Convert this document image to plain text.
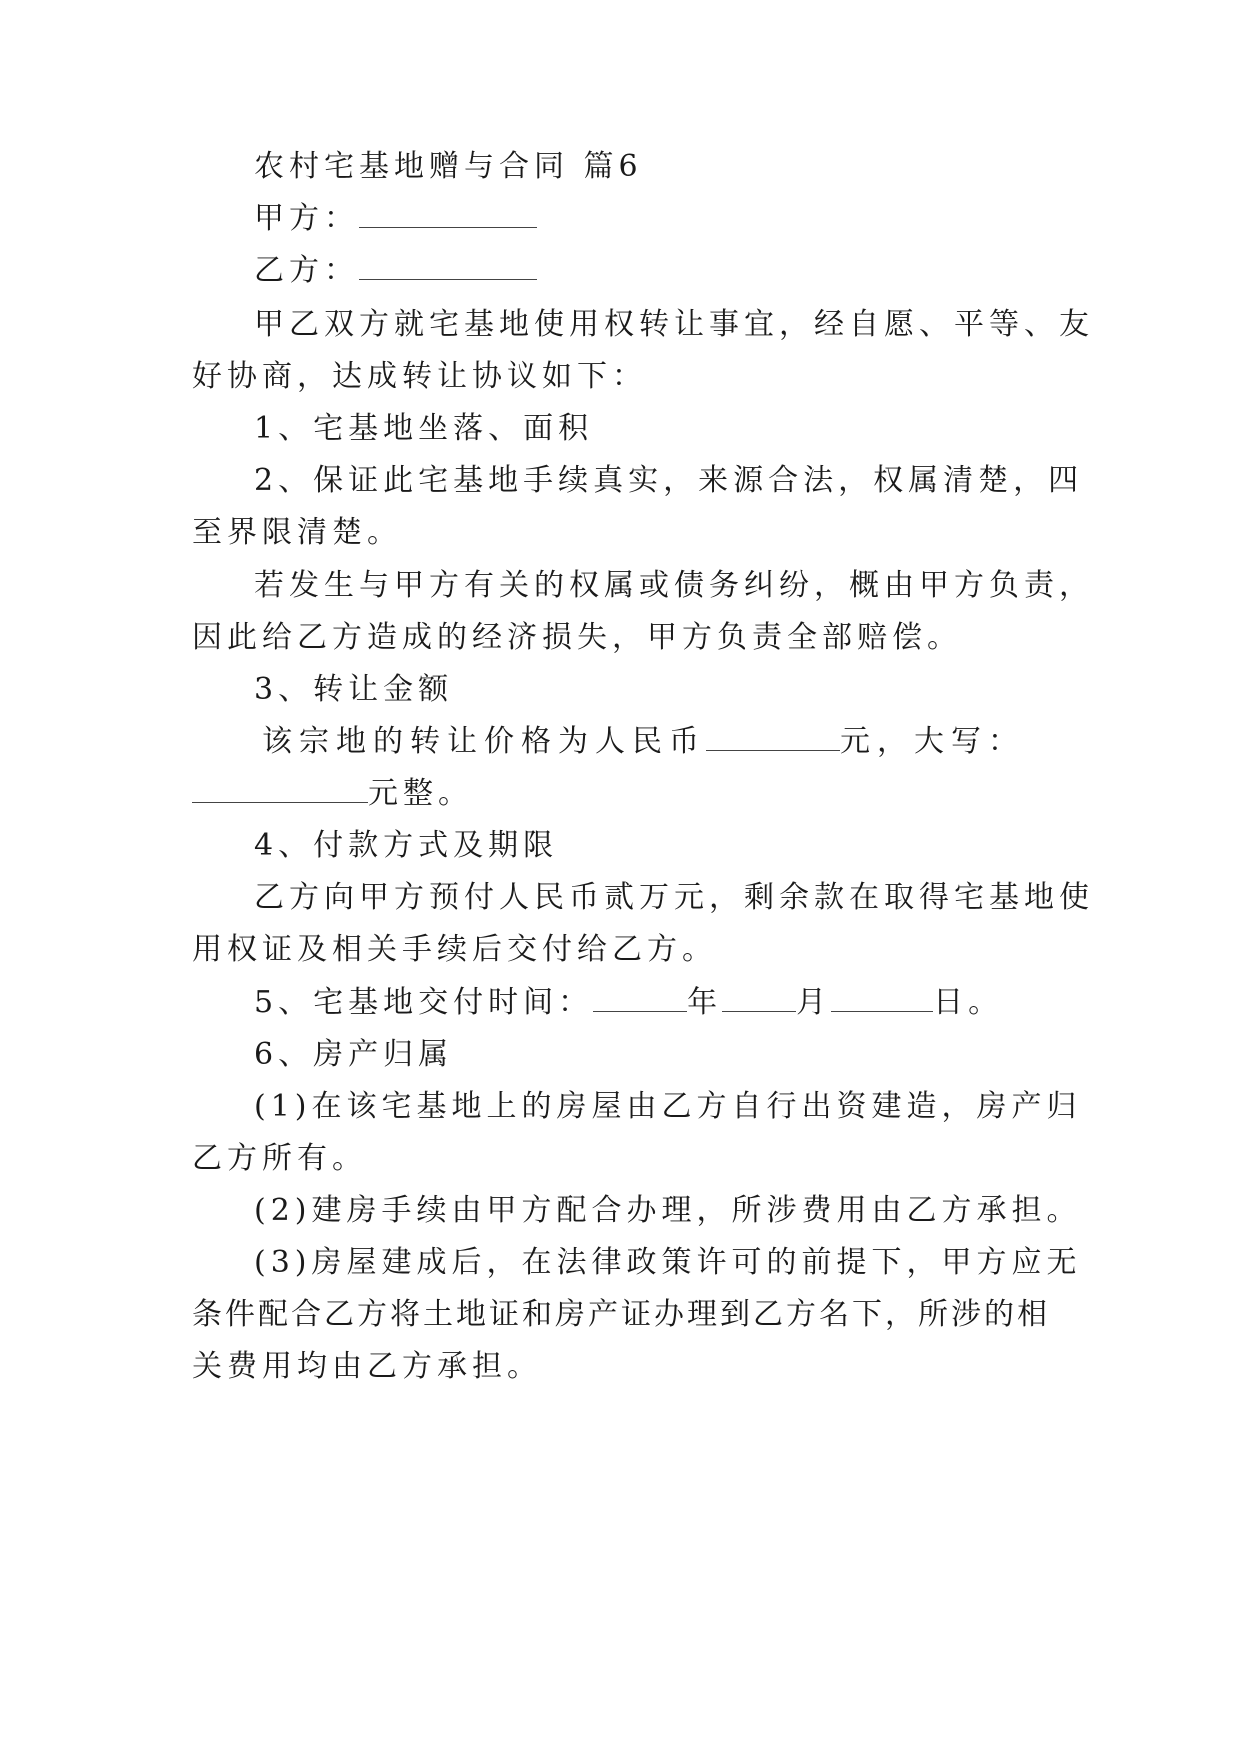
农村宅基地赠与合同 篇6
甲方：
乙方：
甲乙双方就宅基地使用权转让事宜，经自愿、平等、友
好协商，达成转让协议如下：
1、宅基地坐落、面积
2、保证此宅基地手续真实，来源合法，权属清楚，四
至界限清楚。
若发生与甲方有关的权属或债务纠纷，概由甲方负责，
因此给乙方造成的经济损失，甲方负责全部赔偿。
3、转让金额
该宗地的转让价格为人民币	元，大写：
元整。
4、付款方式及期限
乙方向甲方预付人民币贰万元，剩余款在取得宅基地使
用权证及相关手续后交付给乙方。
5、宅基地交付时间：	年 月	日。
6、房产归属
(1)在该宅基地上的房屋由乙方自行出资建造，房产归
乙方所有。
(2)建房手续由甲方配合办理，所涉费用由乙方承担。
(3)房屋建成后，在法律政策许可的前提下，甲方应无
条件配合乙方将土地证和房产证办理到乙方名下，所涉的相
关费用均由乙方承担。
